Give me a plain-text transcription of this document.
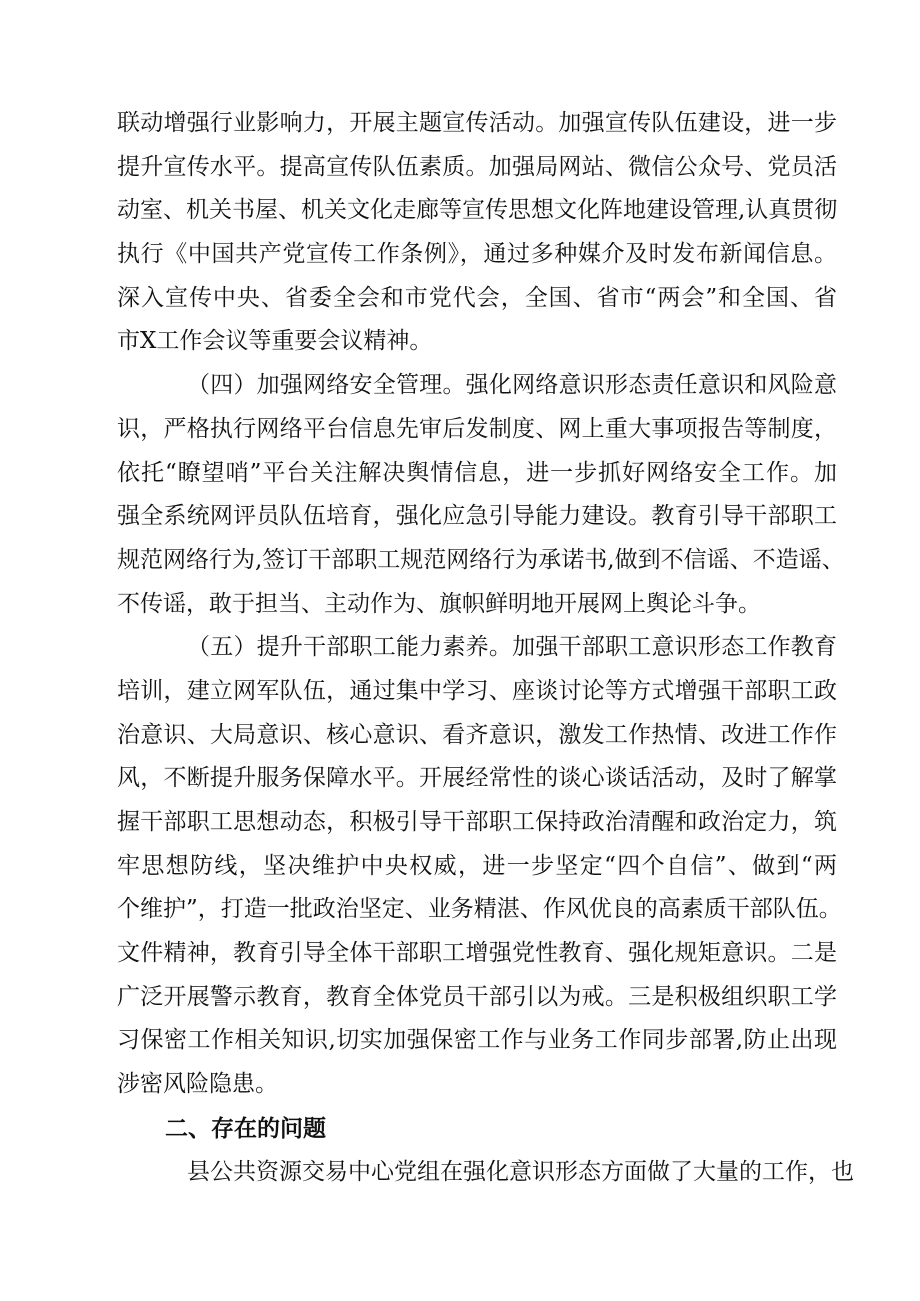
联动增强行业影响力，开展主题宣传活动。加强宣传队伍建设，进一步
提升宣传水平。提高宣传队伍素质。加强局网站、微信公众号、党员活
动室、机关书屋、机关文化走廊等宣传思想文化阵地建设管理,认真贯彻
执行《中国共产党宣传工作条例》，通过多种媒介及时发布新闻信息。
深入宣传中央、省委全会和市党代会，全国、省市“两会”和全国、省
市X工作会议等重要会议精神。
（四）加强网络安全管理。强化网络意识形态责任意识和风险意
识，严格执行网络平台信息先审后发制度、网上重大事项报告等制度，
依托“瞭望哨”平台关注解决舆情信息，进一步抓好网络安全工作。加
强全系统网评员队伍培育，强化应急引导能力建设。教育引导干部职工
规范网络行为,签订干部职工规范网络行为承诺书,做到不信谣、不造谣、
不传谣，敢于担当、主动作为、旗帜鲜明地开展网上舆论斗争。
（五）提升干部职工能力素养。加强干部职工意识形态工作教育
培训，建立网军队伍，通过集中学习、座谈讨论等方式增强干部职工政
治意识、大局意识、核心意识、看齐意识，激发工作热情、改进工作作
风，不断提升服务保障水平。开展经常性的谈心谈话活动，及时了解掌
握干部职工思想动态，积极引导干部职工保持政治清醒和政治定力，筑
牢思想防线，坚决维护中央权威，进一步坚定“四个自信”、做到“两
个维护”，打造一批政治坚定、业务精湛、作风优良的高素质干部队伍。
文件精神，教育引导全体干部职工增强党性教育、强化规矩意识。二是
广泛开展警示教育，教育全体党员干部引以为戒。三是积极组织职工学
习保密工作相关知识,切实加强保密工作与业务工作同步部署,防止出现
涉密风险隐患。
二、存在的问题
县公共资源交易中心党组在强化意识形态方面做了大量的工作，也
